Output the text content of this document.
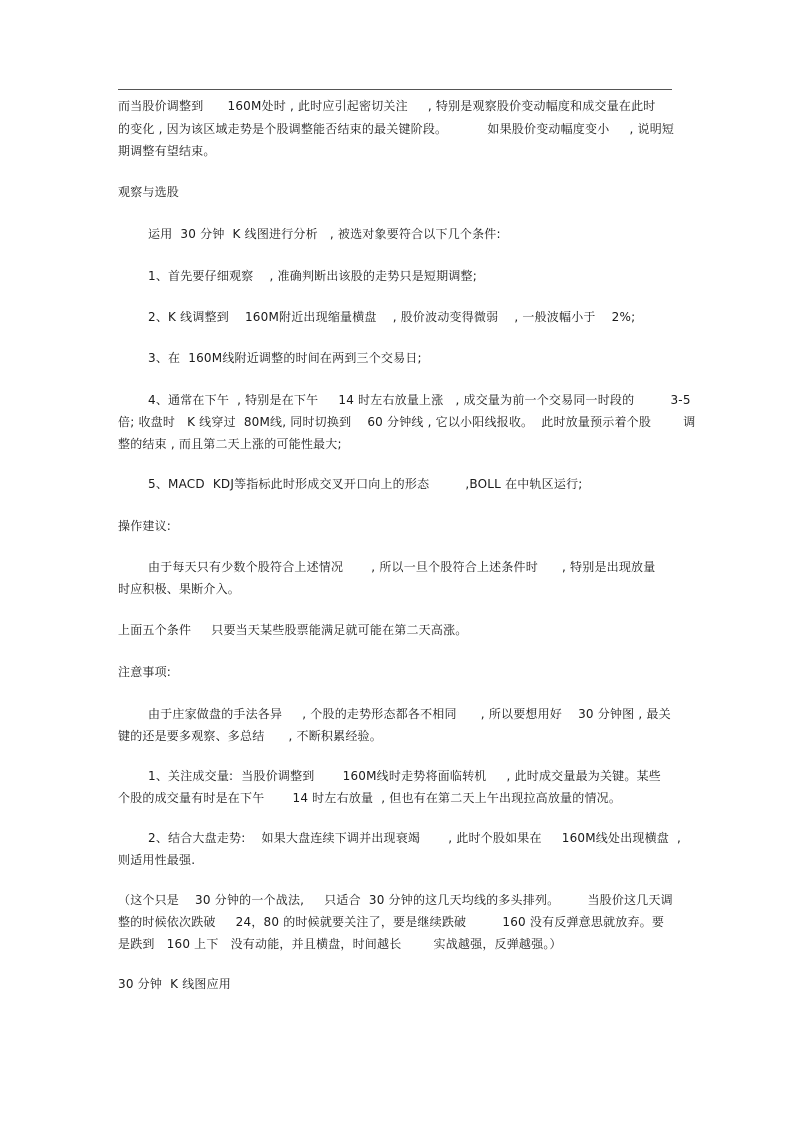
而当股价调整到      160M处时 , 此时应引起密切关注     , 特别是观察股价变动幅度和成交量在此时
的变化 , 因为该区域走势是个股调整能否结束的最关键阶段。          如果股价变动幅度变小     , 说明短
期调整有望结束。
观察与选股
运用  30 分钟  K 线图进行分析   , 被选对象要符合以下几个条件:
1、首先要仔细观察    , 准确判断出该股的走势只是短期调整;
2、K 线调整到    160M附近出现缩量横盘    , 股价波动变得微弱    , 一般波幅小于    2%;
3、在  160M线附近调整的时间在两到三个交易日;
4、通常在下午  , 特别是在下午     14 时左右放量上涨   , 成交量为前一个交易同一时段的         3-5
倍; 收盘时   K 线穿过  80M线, 同时切换到    60 分钟线 , 它以小阳线报收。  此时放量预示着个股        调
整的结束 , 而且第二天上涨的可能性最大;
5、MACD  KDJ等指标此时形成交叉开口向上的形态         ,BOLL 在中轨区运行;
操作建议:
由于每天只有少数个股符合上述情况       , 所以一旦个股符合上述条件时      , 特别是出现放量
时应积极、果断介入。
上面五个条件     只要当天某些股票能满足就可能在第二天高涨。
注意事项:
由于庄家做盘的手法各异     , 个股的走势形态都各不相同      , 所以要想用好    30 分钟图 , 最关
键的还是要多观察、多总结      , 不断积累经验。
1、关注成交量:  当股价调整到       160M线时走势将面临转机     , 此时成交量最为关键。某些
个股的成交量有时是在下午       14 时左右放量  , 但也有在第二天上午出现拉高放量的情况。
2、结合大盘走势:    如果大盘连续下调并出现衰竭       , 此时个股如果在     160M线处出现横盘  ,
则适用性最强.
（这个只是    30 分钟的一个战法,     只适合  30 分钟的这几天均线的多头排列。       当股价这几天调
整的时候依次跌破     24，80 的时候就要关注了，要是继续跌破         160 没有反弹意思就放弃。要
是跌到   160 上下   没有动能，并且横盘，时间越长        实战越强，反弹越强。）
30 分钟  K 线图应用
